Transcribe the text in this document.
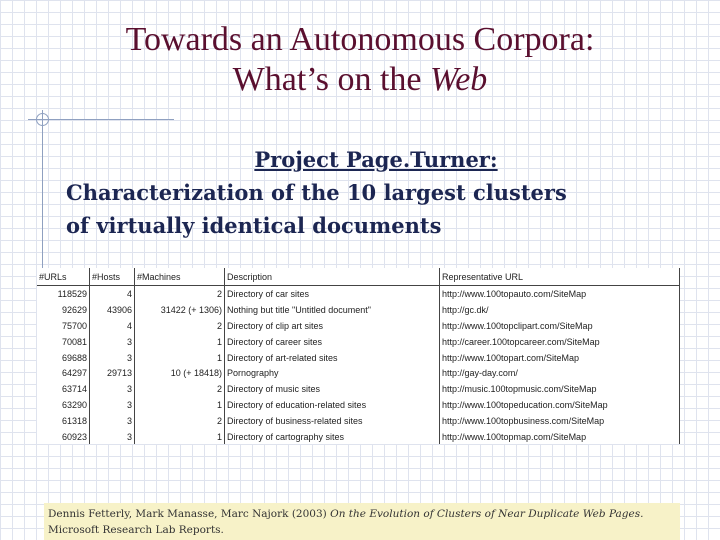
Towards an Autonomous Corpora:
What’s on the Web
Project Page.Turner:
Characterization of the 10 largest clusters
of virtually identical documents
#URLs	#Hosts	#Machines	Description	Representative URL
118529	4	2	Directory of car sites	http://www.100topauto.com/SiteMap
92629	43906	31422 (+ 1306)	Nothing but title "Untitled document"	http://gc.dk/
75700	4	2	Directory of clip art sites	http://www.100topclipart.com/SiteMap
70081	3	1	Directory of career sites	http://career.100topcareer.com/SiteMap
69688	3	1	Directory of art-related sites	http://www.100topart.com/SiteMap
64297	29713	10 (+ 18418)	Pornography	http://gay-day.com/
63714	3	2	Directory of music sites	http://music.100topmusic.com/SiteMap
63290	3	1	Directory of education-related sites	http://www.100topeducation.com/SiteMap
61318	3	2	Directory of business-related sites	http://www.100topbusiness.com/SiteMap
60923	3	1	Directory of cartography sites	http://www.100topmap.com/SiteMap
Dennis Fetterly, Mark Manasse, Marc Najork (2003) On the Evolution of Clusters of Near Duplicate Web Pages.
Microsoft Research Lab Reports.
